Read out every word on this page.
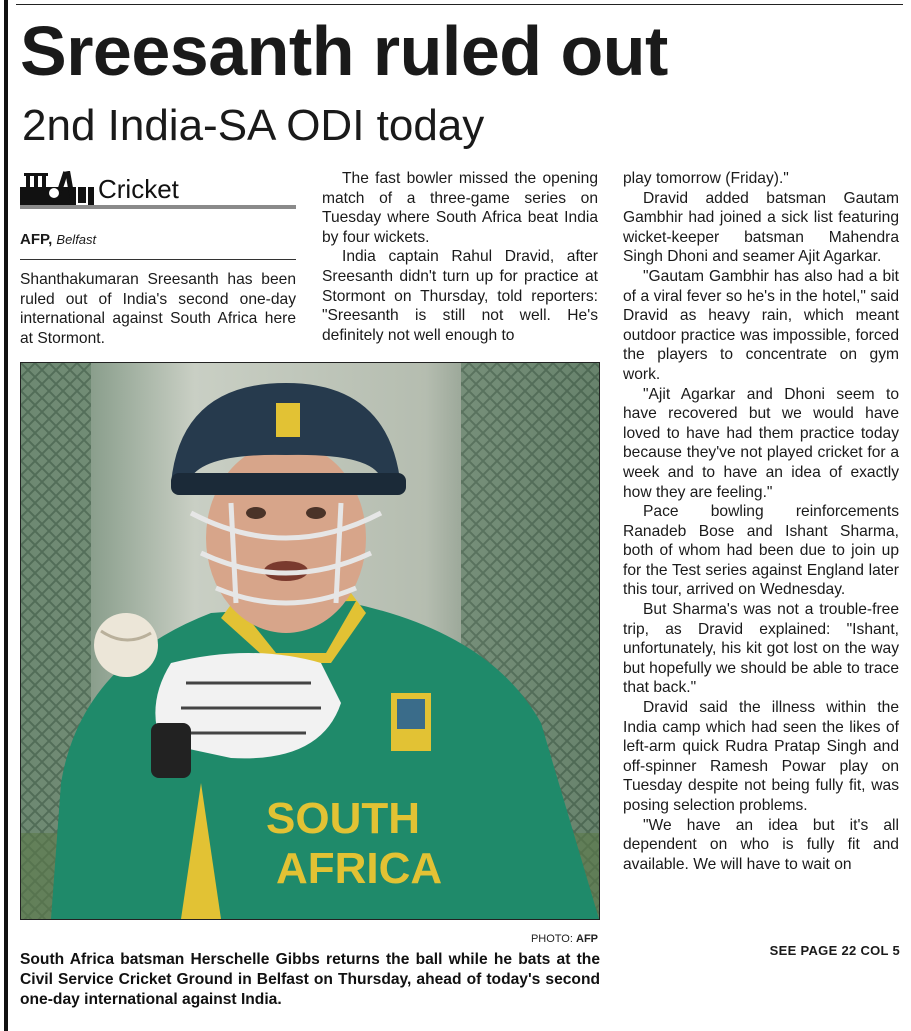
Sreesanth ruled out
2nd India-SA ODI today
Cricket
AFP, Belfast

Shanthakumaran Sreesanth has been ruled out of India's second one-day international against South Africa here at Stormont.

The fast bowler missed the opening match of a three-game series on Tuesday where South Africa beat India by four wickets.

India captain Rahul Dravid, after Sreesanth didn't turn up for practice at Stormont on Thursday, told reporters: "Sreesanth is still not well. He's definitely not well enough to

play tomorrow (Friday)."

Dravid added batsman Gautam Gambhir had joined a sick list featuring wicket-keeper batsman Mahendra Singh Dhoni and seamer Ajit Agarkar.

"Gautam Gambhir has also had a bit of a viral fever so he's in the hotel," said Dravid as heavy rain, which meant outdoor practice was impossible, forced the players to concentrate on gym work.

"Ajit Agarkar and Dhoni seem to have recovered but we would have loved to have had them practice today because they've not played cricket for a week and to have an idea of exactly how they are feeling."

Pace bowling reinforcements Ranadeb Bose and Ishant Sharma, both of whom had been due to join up for the Test series against England later this tour, arrived on Wednesday.

But Sharma's was not a trouble-free trip, as Dravid explained: "Ishant, unfortunately, his kit got lost on the way but hopefully we should be able to trace that back."

Dravid said the illness within the India camp which had seen the likes of left-arm quick Rudra Pratap Singh and off-spinner Ramesh Powar play on Tuesday despite not being fully fit, was posing selection problems.

"We have an idea but it's all dependent on who is fully fit and available. We will have to wait on

SOUTH
AFRICA
PHOTO: AFP

South Africa batsman Herschelle Gibbs returns the ball while he bats at the Civil Service Cricket Ground in Belfast on Thursday, ahead of today's second one-day international against India.

SEE PAGE 22 COL 5
